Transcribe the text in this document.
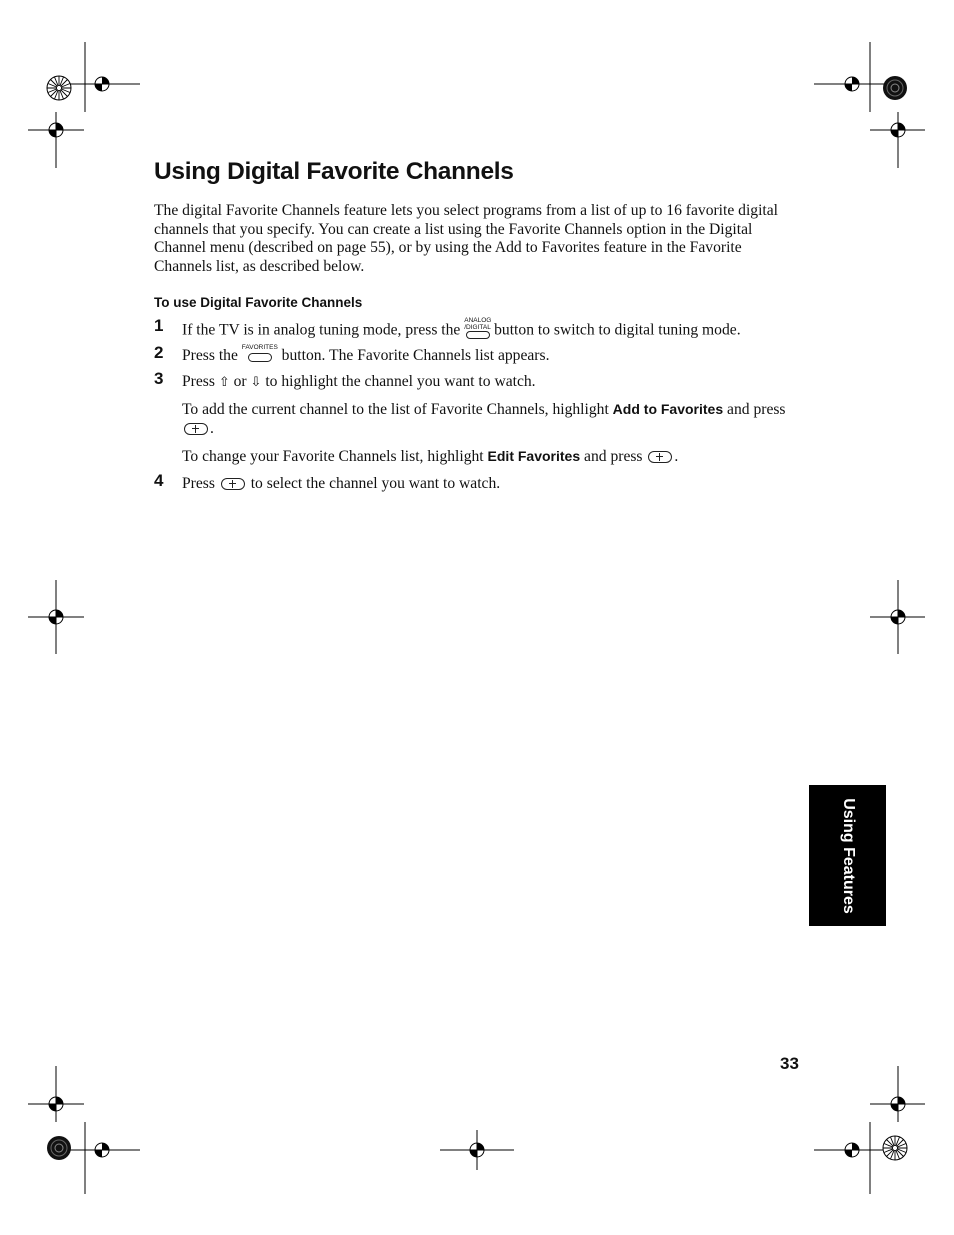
Using Digital Favorite Channels

The digital Favorite Channels feature lets you select programs from a list of up to 16 favorite digital channels that you specify. You can create a list using the Favorite Channels option in the Digital Channel menu (described on page 55), or by using the Add to Favorites feature in the Favorite Channels list, as described below.

To use Digital Favorite Channels
1 If the TV is in analog tuning mode, press the
ANALOG
/DIGITAL button to switch to digital tuning mode.
2 Press the FAVORITES button. The Favorite Channels list appears.
3 Press ⇧ or ⇩ to highlight the channel you want to watch.
To add the current channel to the list of Favorite Channels, highlight Add to Favorites and press .
To change your Favorite Channels list, highlight Edit Favorites and press .
4 Press  to select the channel you want to watch.
Using Features

33
